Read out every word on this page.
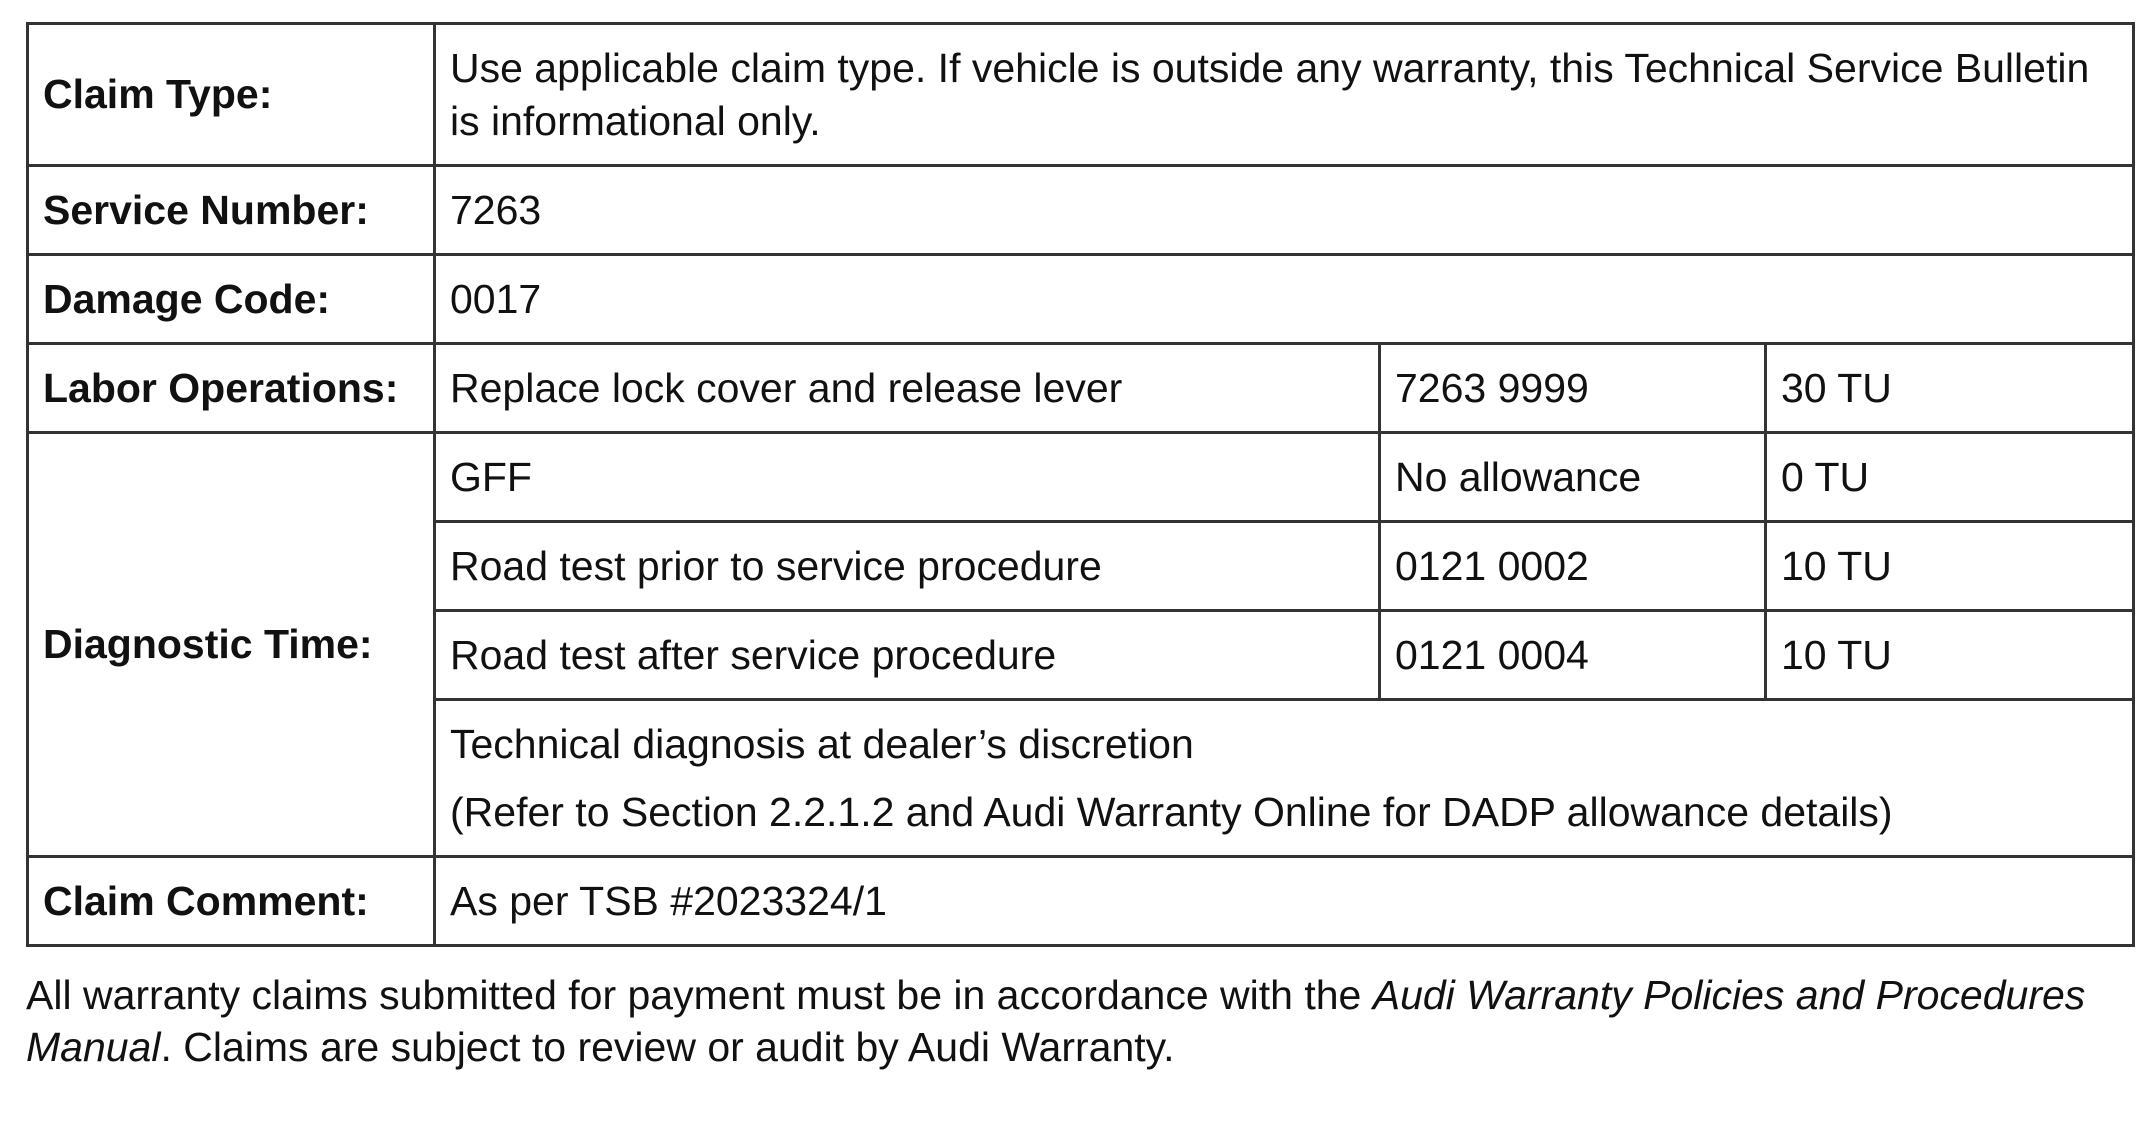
Claim Type:	Use applicable claim type. If vehicle is outside any warranty, this Technical Service Bulletin is informational only.		
Service Number:	7263		
Damage Code:	0017		
Labor Operations:	Replace lock cover and release lever	7263 9999	30 TU
Diagnostic Time:	GFF	No allowance	0 TU
	Road test prior to service procedure	0121 0002	10 TU
	Road test after service procedure	0121 0004	10 TU

	Technical diagnosis at dealer’s discretion
(Refer to Section 2.2.1.2 and Audi Warranty Online for DADP allowance details)		

Claim Comment:	As per TSB #2023324/1		

All warranty claims submitted for payment must be in accordance with the Audi Warranty Policies and Procedures Manual. Claims are subject to review or audit by Audi Warranty.
